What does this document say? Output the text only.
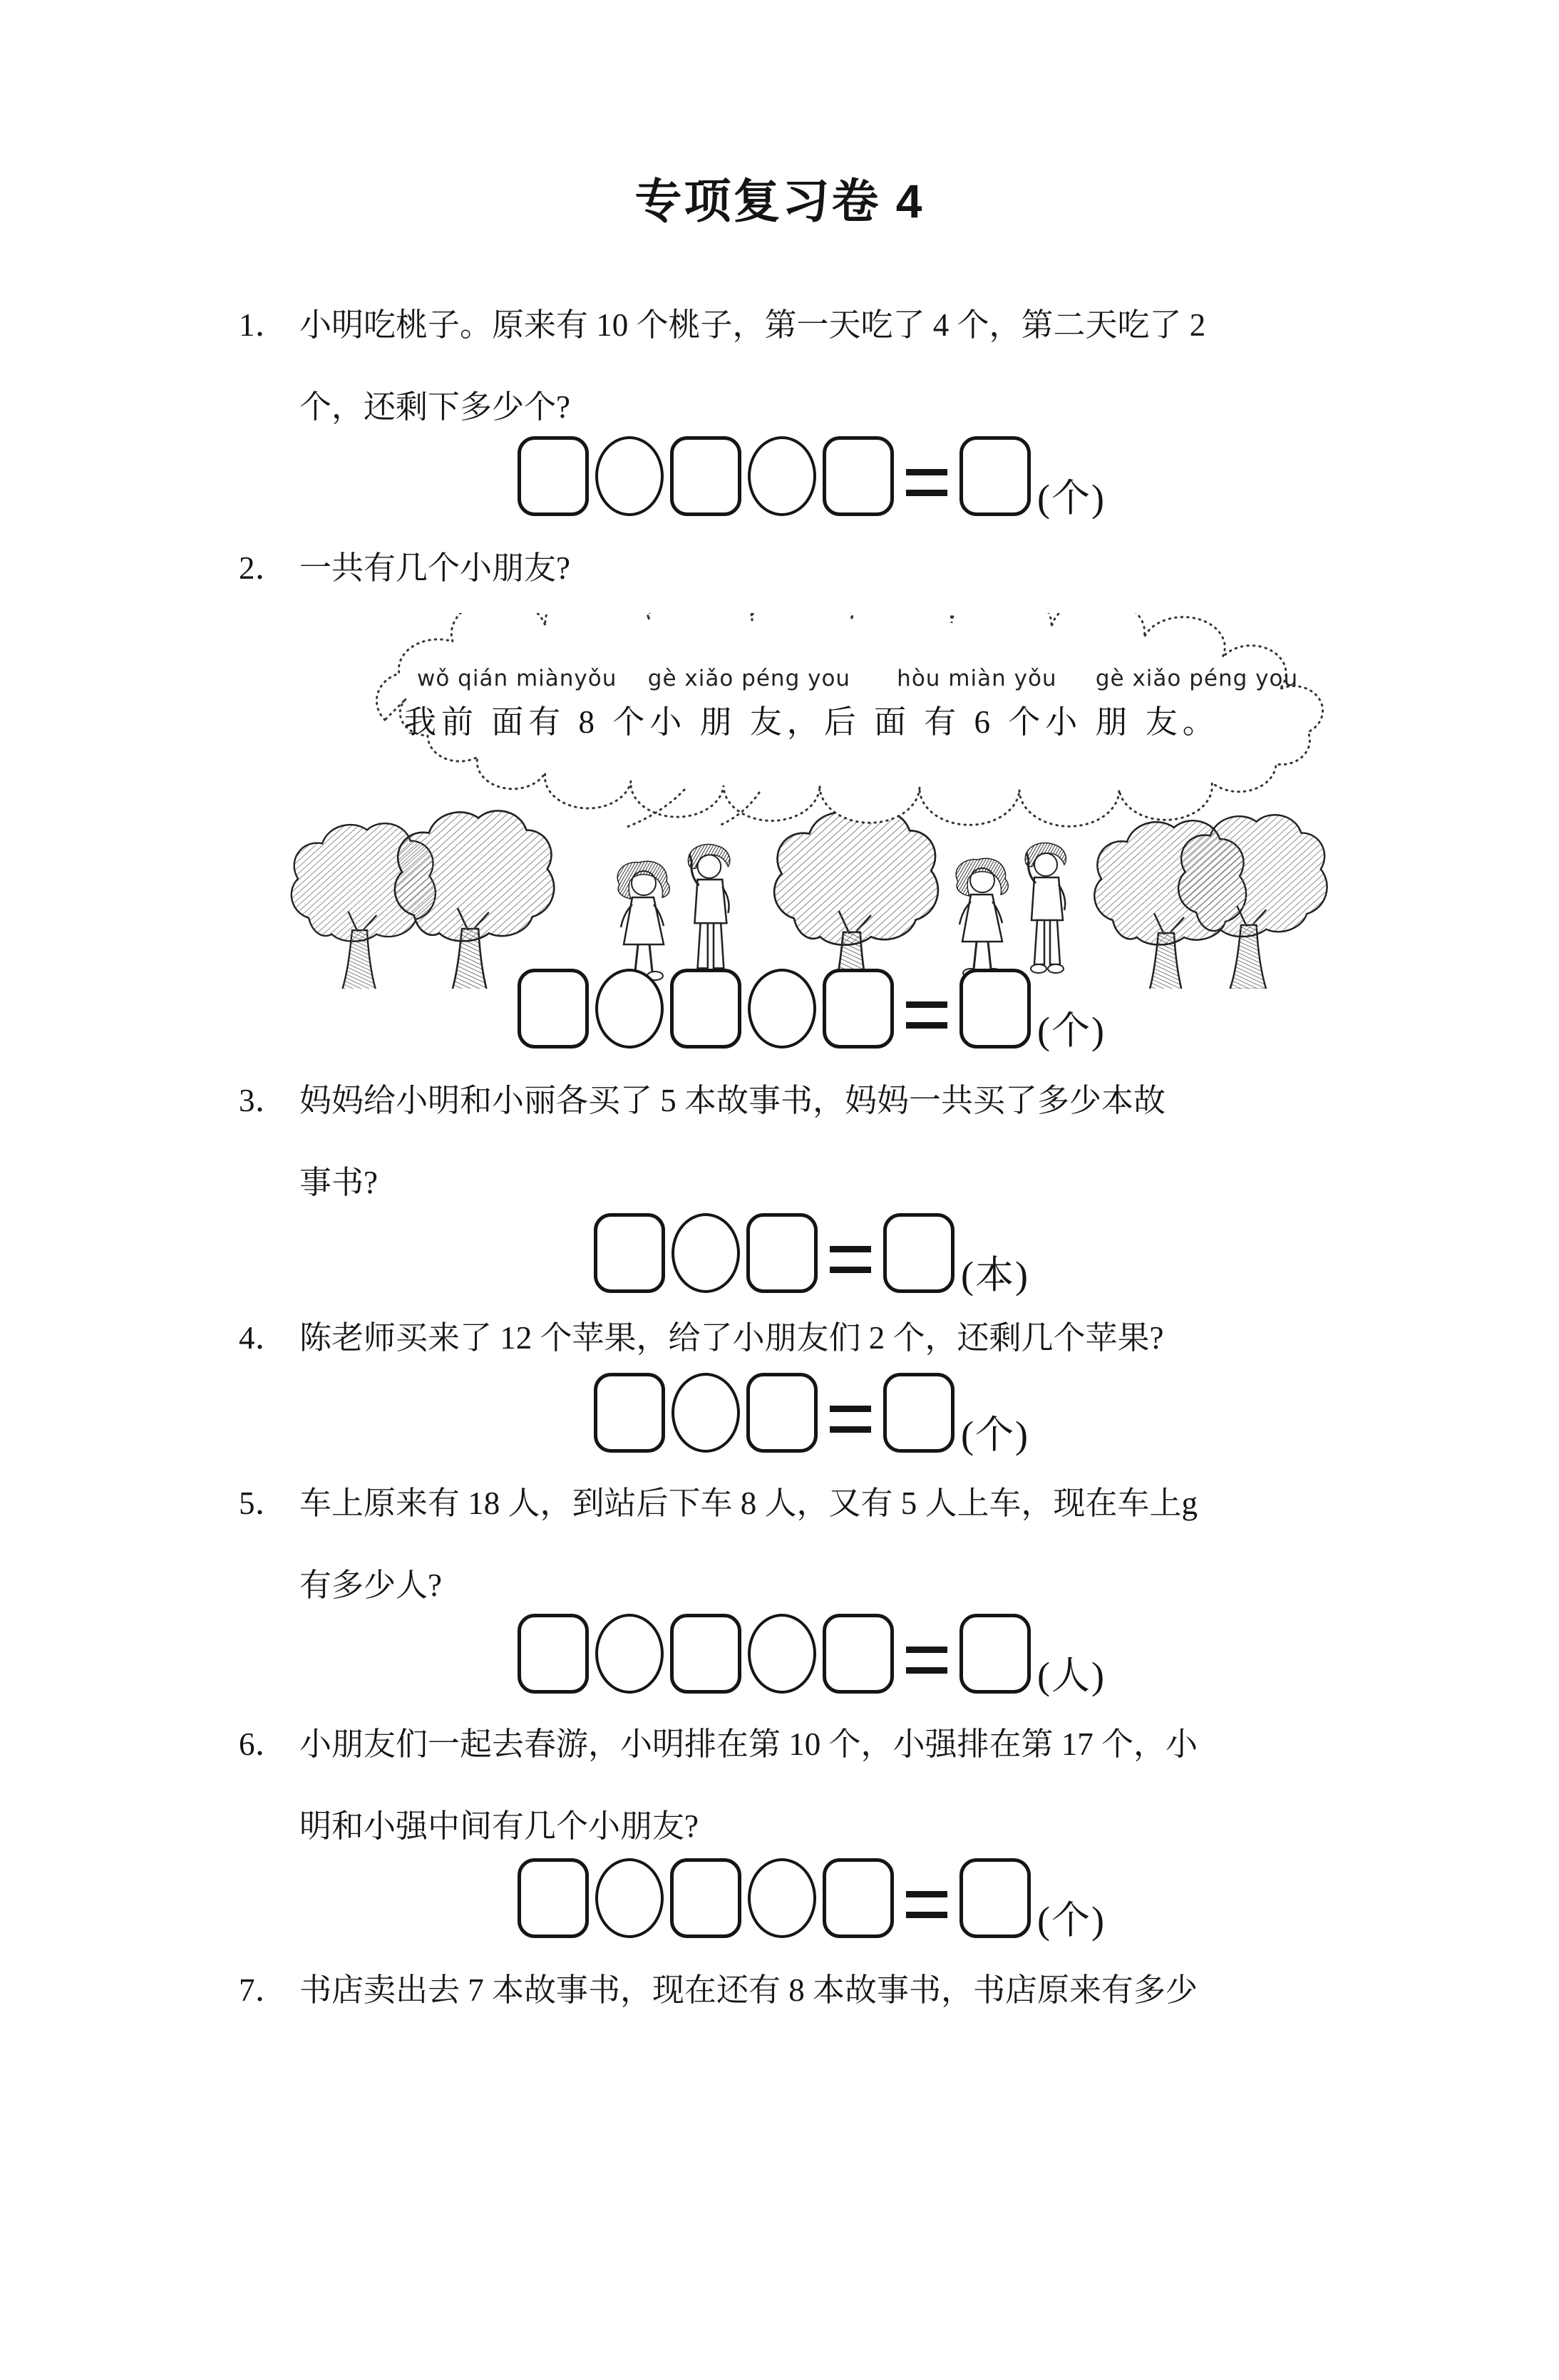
专项复习卷 4
1． 小明吃桃子。原来有 10 个桃子，第一天吃了 4 个，第二天吃了 2
个，还剩下多少个?
(个)
2． 一共有几个小朋友?
wǒ qián miànyǒu    gè xiǎo péng you      hòu miàn yǒu     gè xiǎo péng you
我前 面有 8 个小 朋 友，后 面 有 6 个小 朋 友。
(个)
3． 妈妈给小明和小丽各买了 5 本故事书，妈妈一共买了多少本故
事书?
(本)
4． 陈老师买来了 12 个苹果，给了小朋友们 2 个，还剩几个苹果?
(个)
5． 车上原来有 18 人，到站后下车 8 人，又有 5 人上车，现在车上g
有多少人?
(人)
6． 小朋友们一起去春游，小明排在第 10 个，小强排在第 17 个，小
明和小强中间有几个小朋友?
(个)
7． 书店卖出去 7 本故事书，现在还有 8 本故事书，书店原来有多少
